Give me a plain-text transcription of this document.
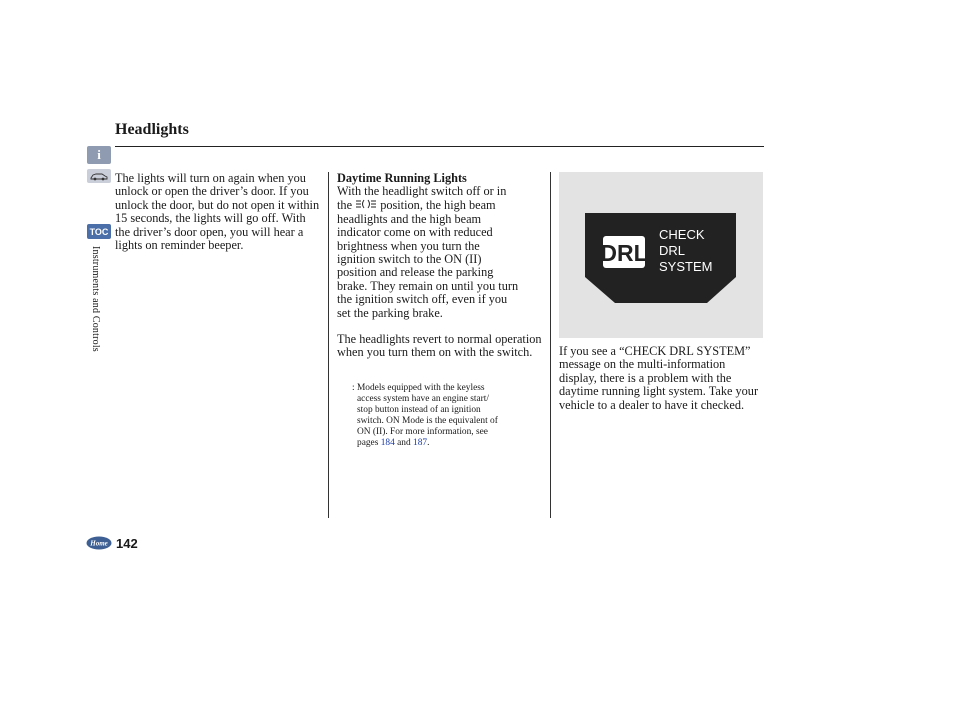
Headlights
i
TOC
Instruments and Controls

The lights will turn on again when you unlock or open the driver’s door. If you unlock the door, but do not open it within 15 seconds, the lights will go off. With the driver’s door open, you will hear a lights on reminder beeper.

Daytime Running Lights

With the headlight switch off or in
the position, the high beam
headlights and the high beam
indicator come on with reduced
brightness when you turn the
ignition switch to the ON (II)
position and release the parking
brake. They remain on until you turn
the ignition switch off, even if you
set the parking brake.

The headlights revert to normal operation when you turn them on with the switch.

: Models equipped with the keyless
access system have an engine start/
stop button instead of an ignition
switch. ON Mode is the equivalent of
ON (II). For more information, see
pages 184 and 187.
DRL
CHECK
DRL
SYSTEM

If you see a “CHECK DRL SYSTEM” message on the multi-information display, there is a problem with the daytime running light system. Take your vehicle to a dealer to have it checked.

Home 142
